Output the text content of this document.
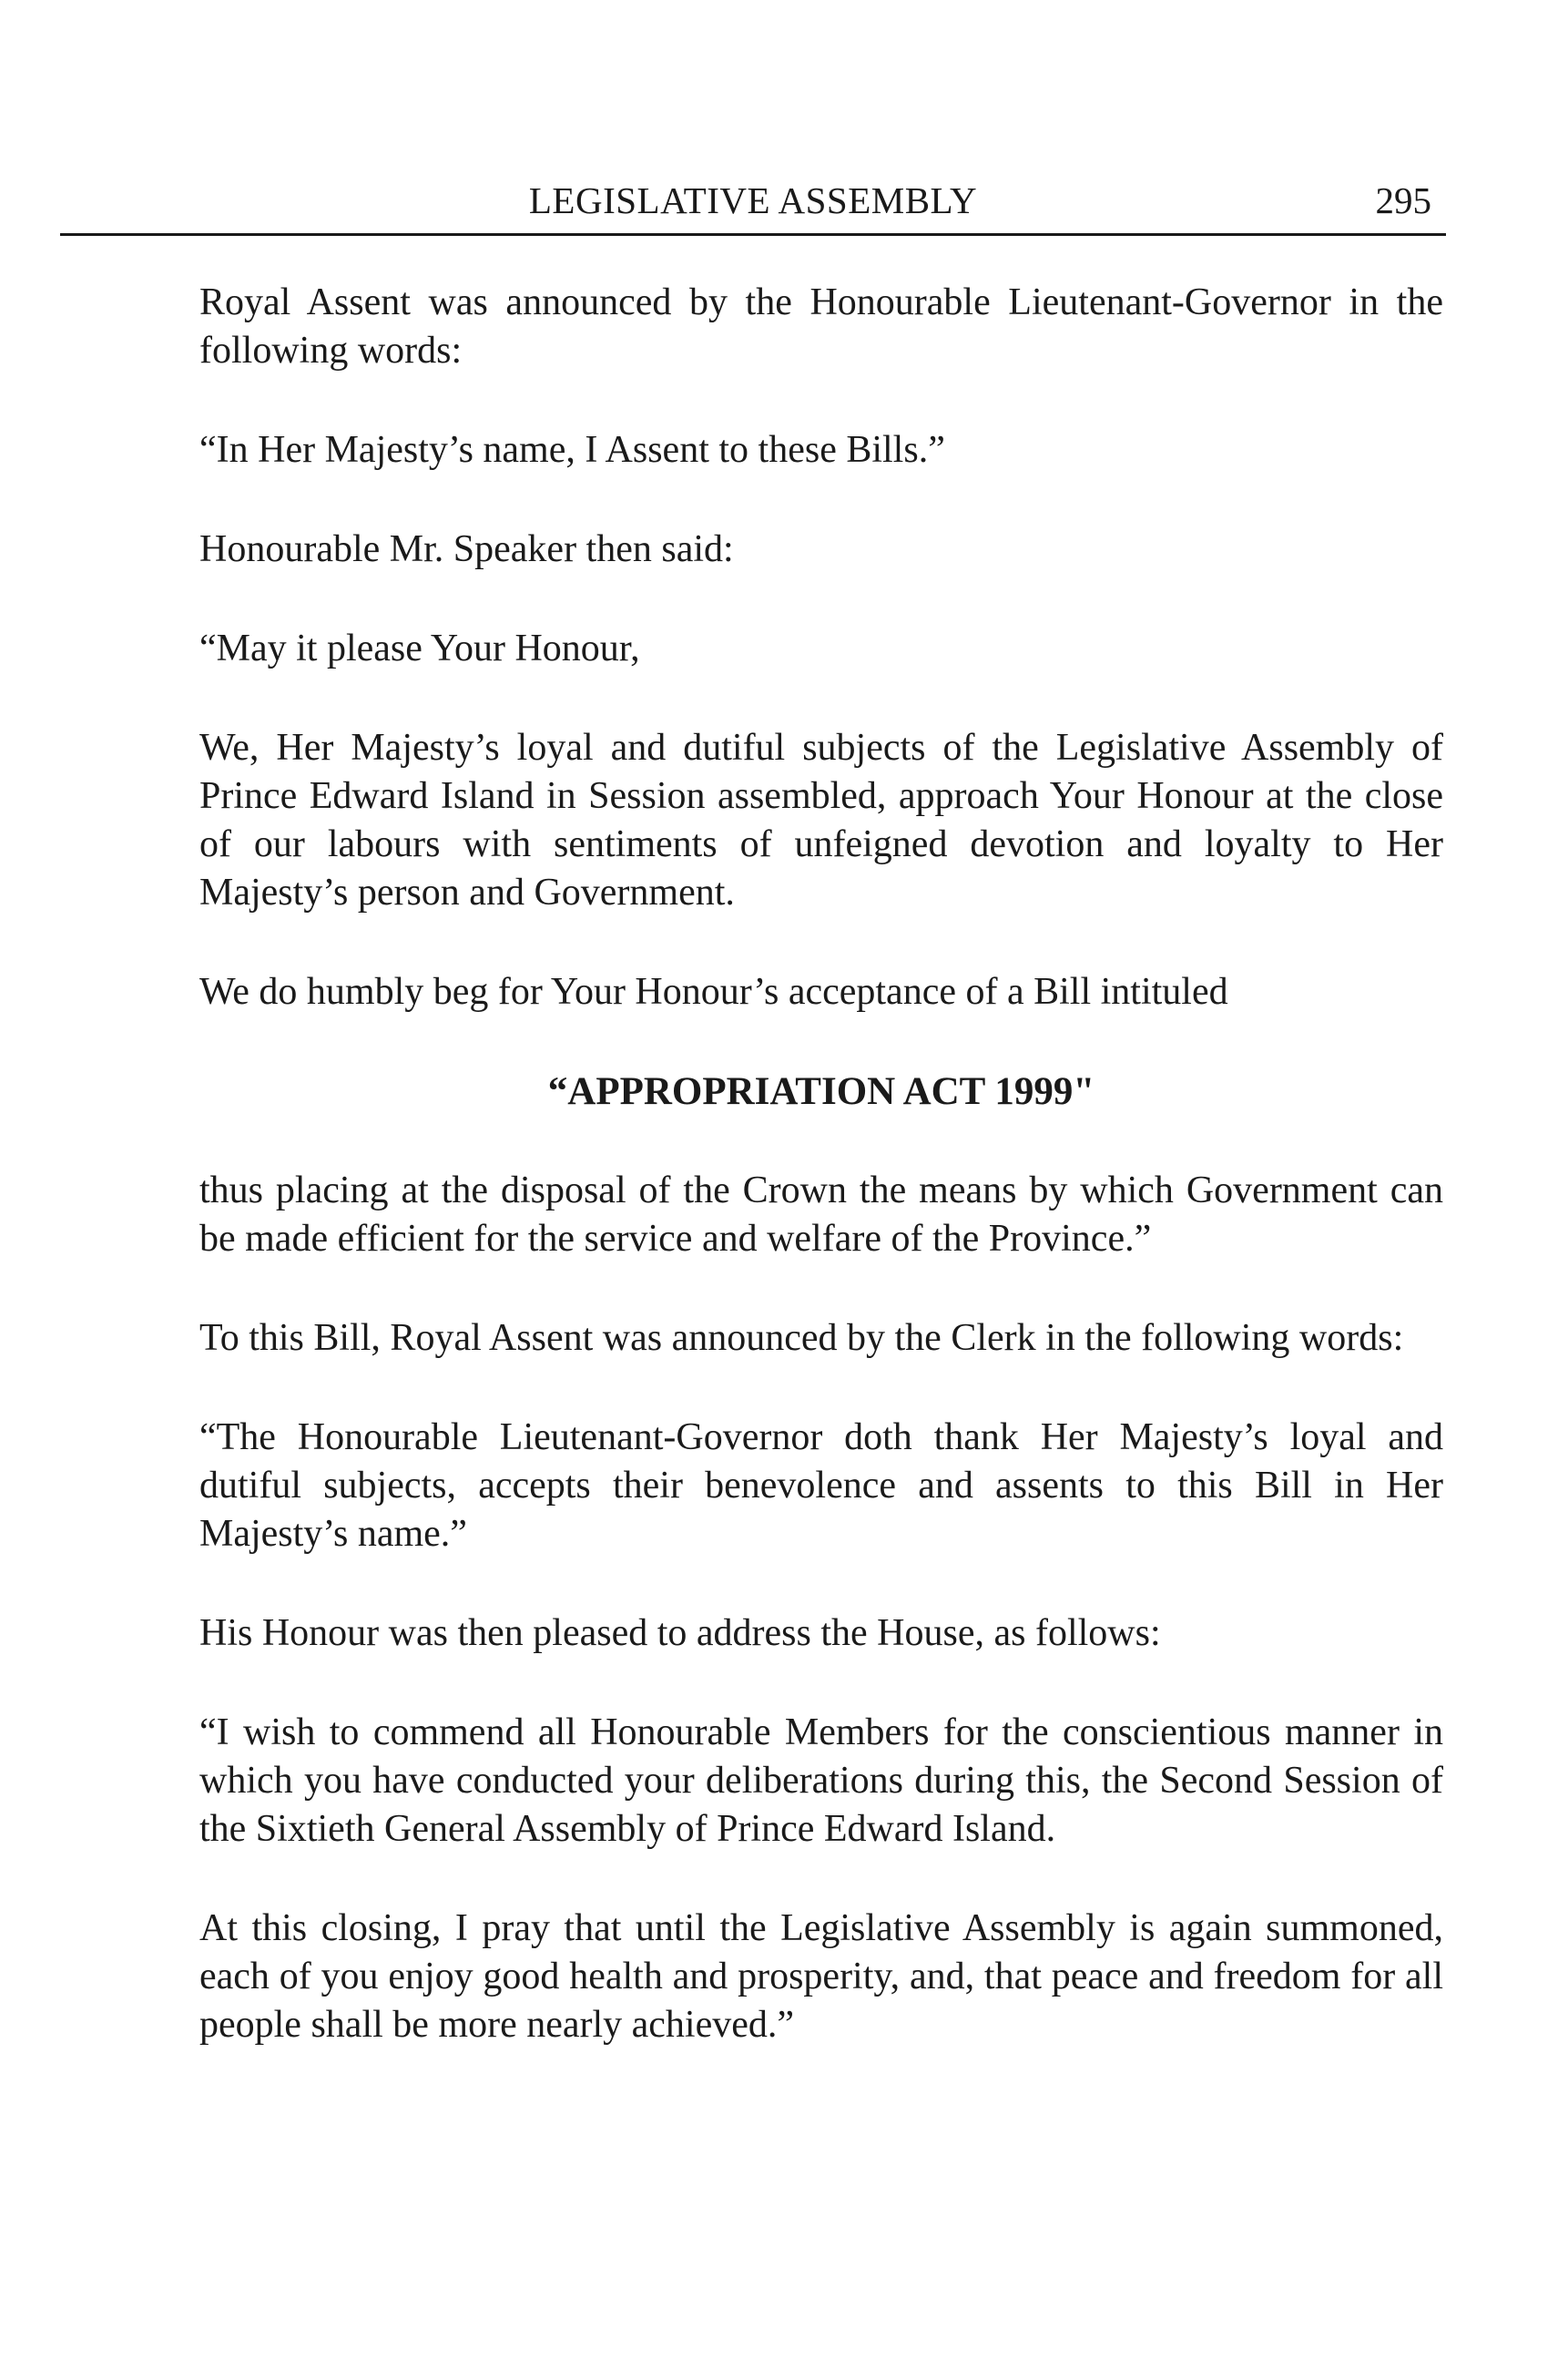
LEGISLATIVE ASSEMBLY	295

Royal Assent was announced by the Honourable Lieutenant-Governor in the following words:

“In Her Majesty’s name, I Assent to these Bills.”

Honourable Mr. Speaker then said:

“May it please Your Honour,

We, Her Majesty’s loyal and dutiful subjects of the Legislative Assembly of Prince Edward Island in Session assembled, approach Your Honour at the close of our labours with sentiments of unfeigned devotion and loyalty to Her Majesty’s person and Government.

We do humbly beg for Your Honour’s acceptance of a Bill intituled

“APPROPRIATION ACT 1999"

thus placing at the disposal of the Crown the means by which Government can be made efficient for the service and welfare of the Province.”

To this Bill, Royal Assent was announced by the Clerk in the following words:

“The Honourable Lieutenant-Governor doth thank Her Majesty’s loyal and dutiful subjects, accepts their benevolence and assents to this Bill in Her Majesty’s name.”

His Honour was then pleased to address the House, as follows:

“I wish to commend all Honourable Members for the conscientious manner in which you have conducted your deliberations during this, the Second Session of the Sixtieth General Assembly of Prince Edward Island.

At this closing, I pray that until the Legislative Assembly is again summoned, each of you enjoy good health and prosperity, and, that peace and freedom for all people shall be more nearly achieved.”
